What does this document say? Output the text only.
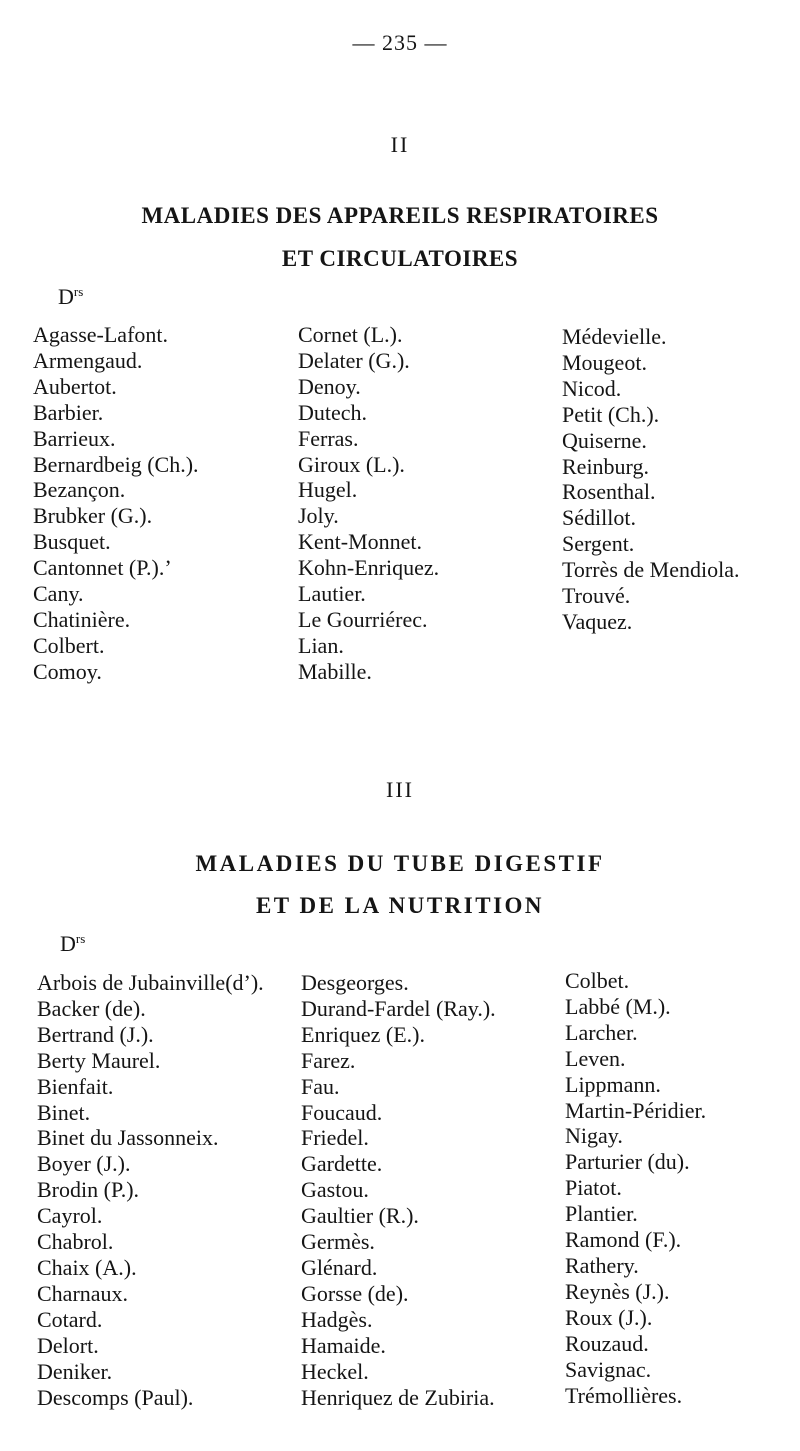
— 235 —
II
MALADIES DES APPAREILS RESPIRATOIRES
ET CIRCULATOIRES
$D^{rs}$
Agasse-Lafont.
Armengaud.
Aubertot.
Barbier.
Barrieux.
Bernardbeig (Ch.).
Bezançon.
Brubker (G.).
Busquet.
Cantonnet (P.).’
Cany.
Chatinière.
Colbert.
Comoy.
Cornet (L.).
Delater (G.).
Denoy.
Dutech.
Ferras.
Giroux (L.).
Hugel.
Joly.
Kent-Monnet.
Kohn-Enriquez.
Lautier.
Le Gourriérec.
Lian.
Mabille.
Médevielle.
Mougeot.
Nicod.
Petit (Ch.).
Quiserne.
Reinburg.
Rosenthal.
Sédillot.
Sergent.
Torrès de Mendiola.
Trouvé.
Vaquez.
III
MALADIES DU TUBE DIGESTIF
ET DE LA NUTRITION
$D^{rs}$
Arbois de Jubainville(d’).
Backer (de).
Bertrand (J.).
Berty Maurel.
Bienfait.
Binet.
Binet du Jassonneix.
Boyer (J.).
Brodin (P.).
Cayrol.
Chabrol.
Chaix (A.).
Charnaux.
Cotard.
Delort.
Deniker.
Descomps (Paul).
Desgeorges.
Durand-Fardel (Ray.).
Enriquez (E.).
Farez.
Fau.
Foucaud.
Friedel.
Gardette.
Gastou.
Gaultier (R.).
Germès.
Glénard.
Gorsse (de).
Hadgès.
Hamaide.
Heckel.
Henriquez de Zubiria.
Colbet.
Labbé (M.).
Larcher.
Leven.
Lippmann.
Martin-Péridier.
Nigay.
Parturier (du).
Piatot.
Plantier.
Ramond (F.).
Rathery.
Reynès (J.).
Roux (J.).
Rouzaud.
Savignac.
Trémollières.
